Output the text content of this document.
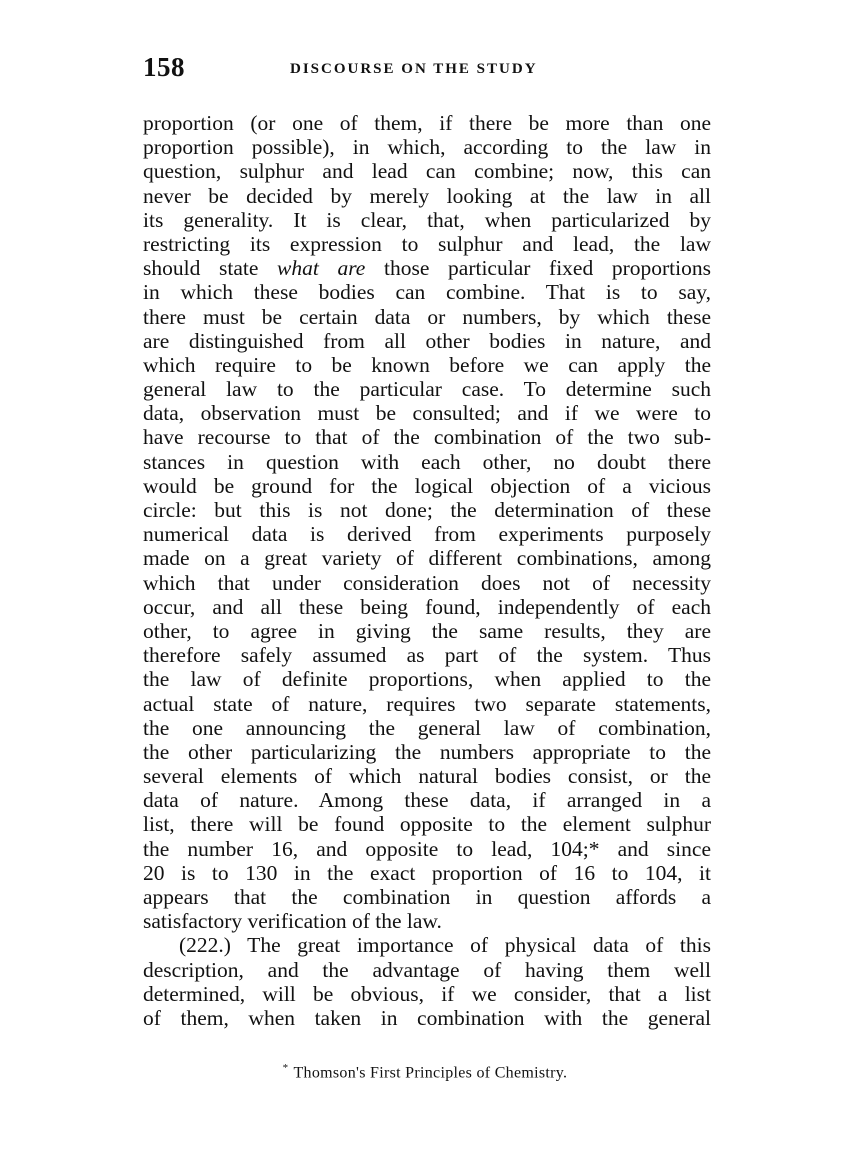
158	DISCOURSE ON THE STUDY
proportion (or one of them, if there be more than one
proportion possible), in which, according to the law in
question, sulphur and lead can combine; now, this can
never be decided by merely looking at the law in all
its generality. It is clear, that, when particularized by
restricting its expression to sulphur and lead, the law
should state what are those particular fixed proportions
in which these bodies can combine. That is to say,
there must be certain data or numbers, by which these
are distinguished from all other bodies in nature, and
which require to be known before we can apply the
general law to the particular case. To determine such
data, observation must be consulted; and if we were to
have recourse to that of the combination of the two sub-
stances in question with each other, no doubt there
would be ground for the logical objection of a vicious
circle: but this is not done; the determination of these
numerical data is derived from experiments purposely
made on a great variety of different combinations, among
which that under consideration does not of necessity
occur, and all these being found, independently of each
other, to agree in giving the same results, they are
therefore safely assumed as part of the system. Thus
the law of definite proportions, when applied to the
actual state of nature, requires two separate statements,
the one announcing the general law of combination,
the other particularizing the numbers appropriate to the
several elements of which natural bodies consist, or the
data of nature. Among these data, if arranged in a
list, there will be found opposite to the element sulphur
the number 16, and opposite to lead, 104;* and since
20 is to 130 in the exact proportion of 16 to 104, it
appears that the combination in question affords a
satisfactory verification of the law.
(222.) The great importance of physical data of this
description, and the advantage of having them well
determined, will be obvious, if we consider, that a list
of them, when taken in combination with the general
* Thomson's First Principles of Chemistry.
